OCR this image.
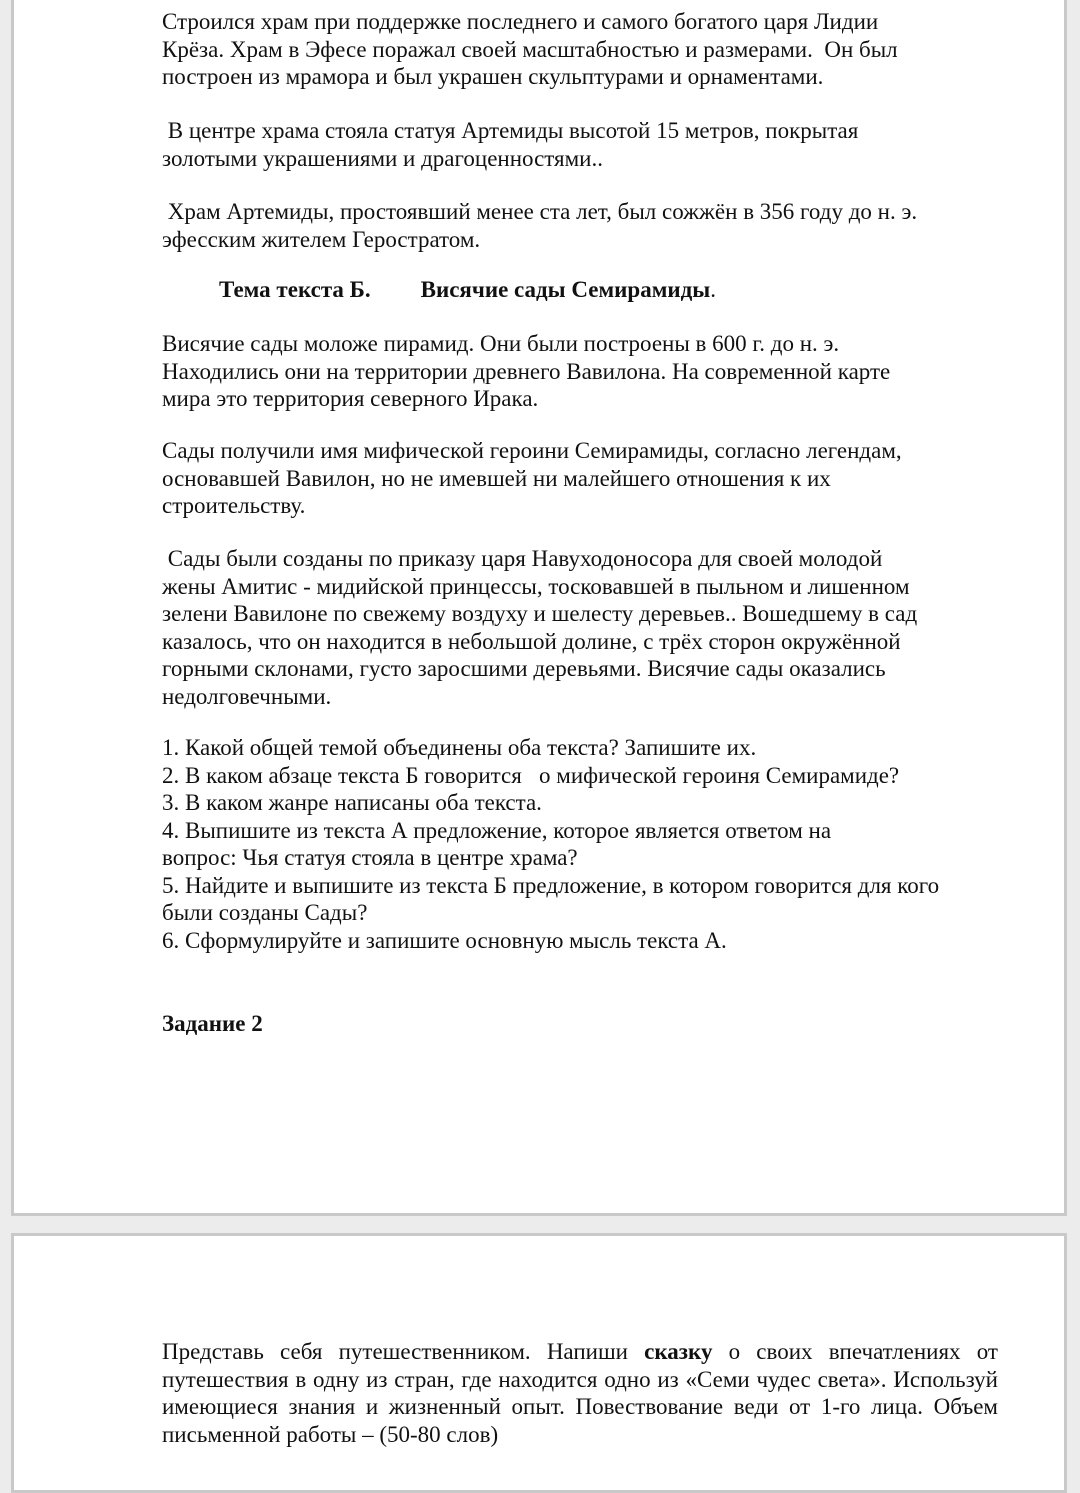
Строился храм при поддержке последнего и самого богатого царя Лидии
Крёза. Храм в Эфесе поражал своей масштабностью и размерами.  Он был
построен из мрамора и был украшен скульптурами и орнаментами.

В центре храма стояла статуя Артемиды высотой 15 метров, покрытая
золотыми украшениями и драгоценностями..

Храм Артемиды, простоявший менее ста лет, был сожжён в 356 году до н. э.
эфесским жителем Геростратом.

Тема текста Б. Висячие сады Семирамиды.

Висячие сады моложе пирамид. Они были построены в 600 г. до н. э.
Находились они на территории древнего Вавилона. На современной карте
мира это территория северного Ирака.

Сады получили имя мифической героини Семирамиды, согласно легендам,
основавшей Вавилон, но не имевшей ни малейшего отношения к их
строительству.

Сады были созданы по приказу царя Навуходоносора для своей молодой
жены Амитис - мидийской принцессы, тосковавшей в пыльном и лишенном
зелени Вавилоне по свежему воздуху и шелесту деревьев.. Вошедшему в сад
казалось, что он находится в небольшой долине, с трёх сторон окружённой
горными склонами, густо заросшими деревьями. Висячие сады оказались
недолговечными.

1. Какой общей темой объединены оба текста? Запишите их.
2. В каком абзаце текста Б говорится   о мифической героиня Семирамиде?
3. В каком жанре написаны оба текста.
4. Выпишите из текста А предложение, которое является ответом на
вопрос: Чья статуя стояла в центре храма?
5. Найдите и выпишите из текста Б предложение, в котором говорится для кого
были созданы Сады?
6. Сформулируйте и запишите основную мысль текста А.

Задание 2

Представь себя путешественником. Напиши сказку о своих впечатлениях от путешествия в одну из стран, где находится одно из «Семи чудес света». Используй имеющиеся знания и жизненный опыт. Повествование веди от 1-го лица. Объем письменной работы – (50-80 слов)
